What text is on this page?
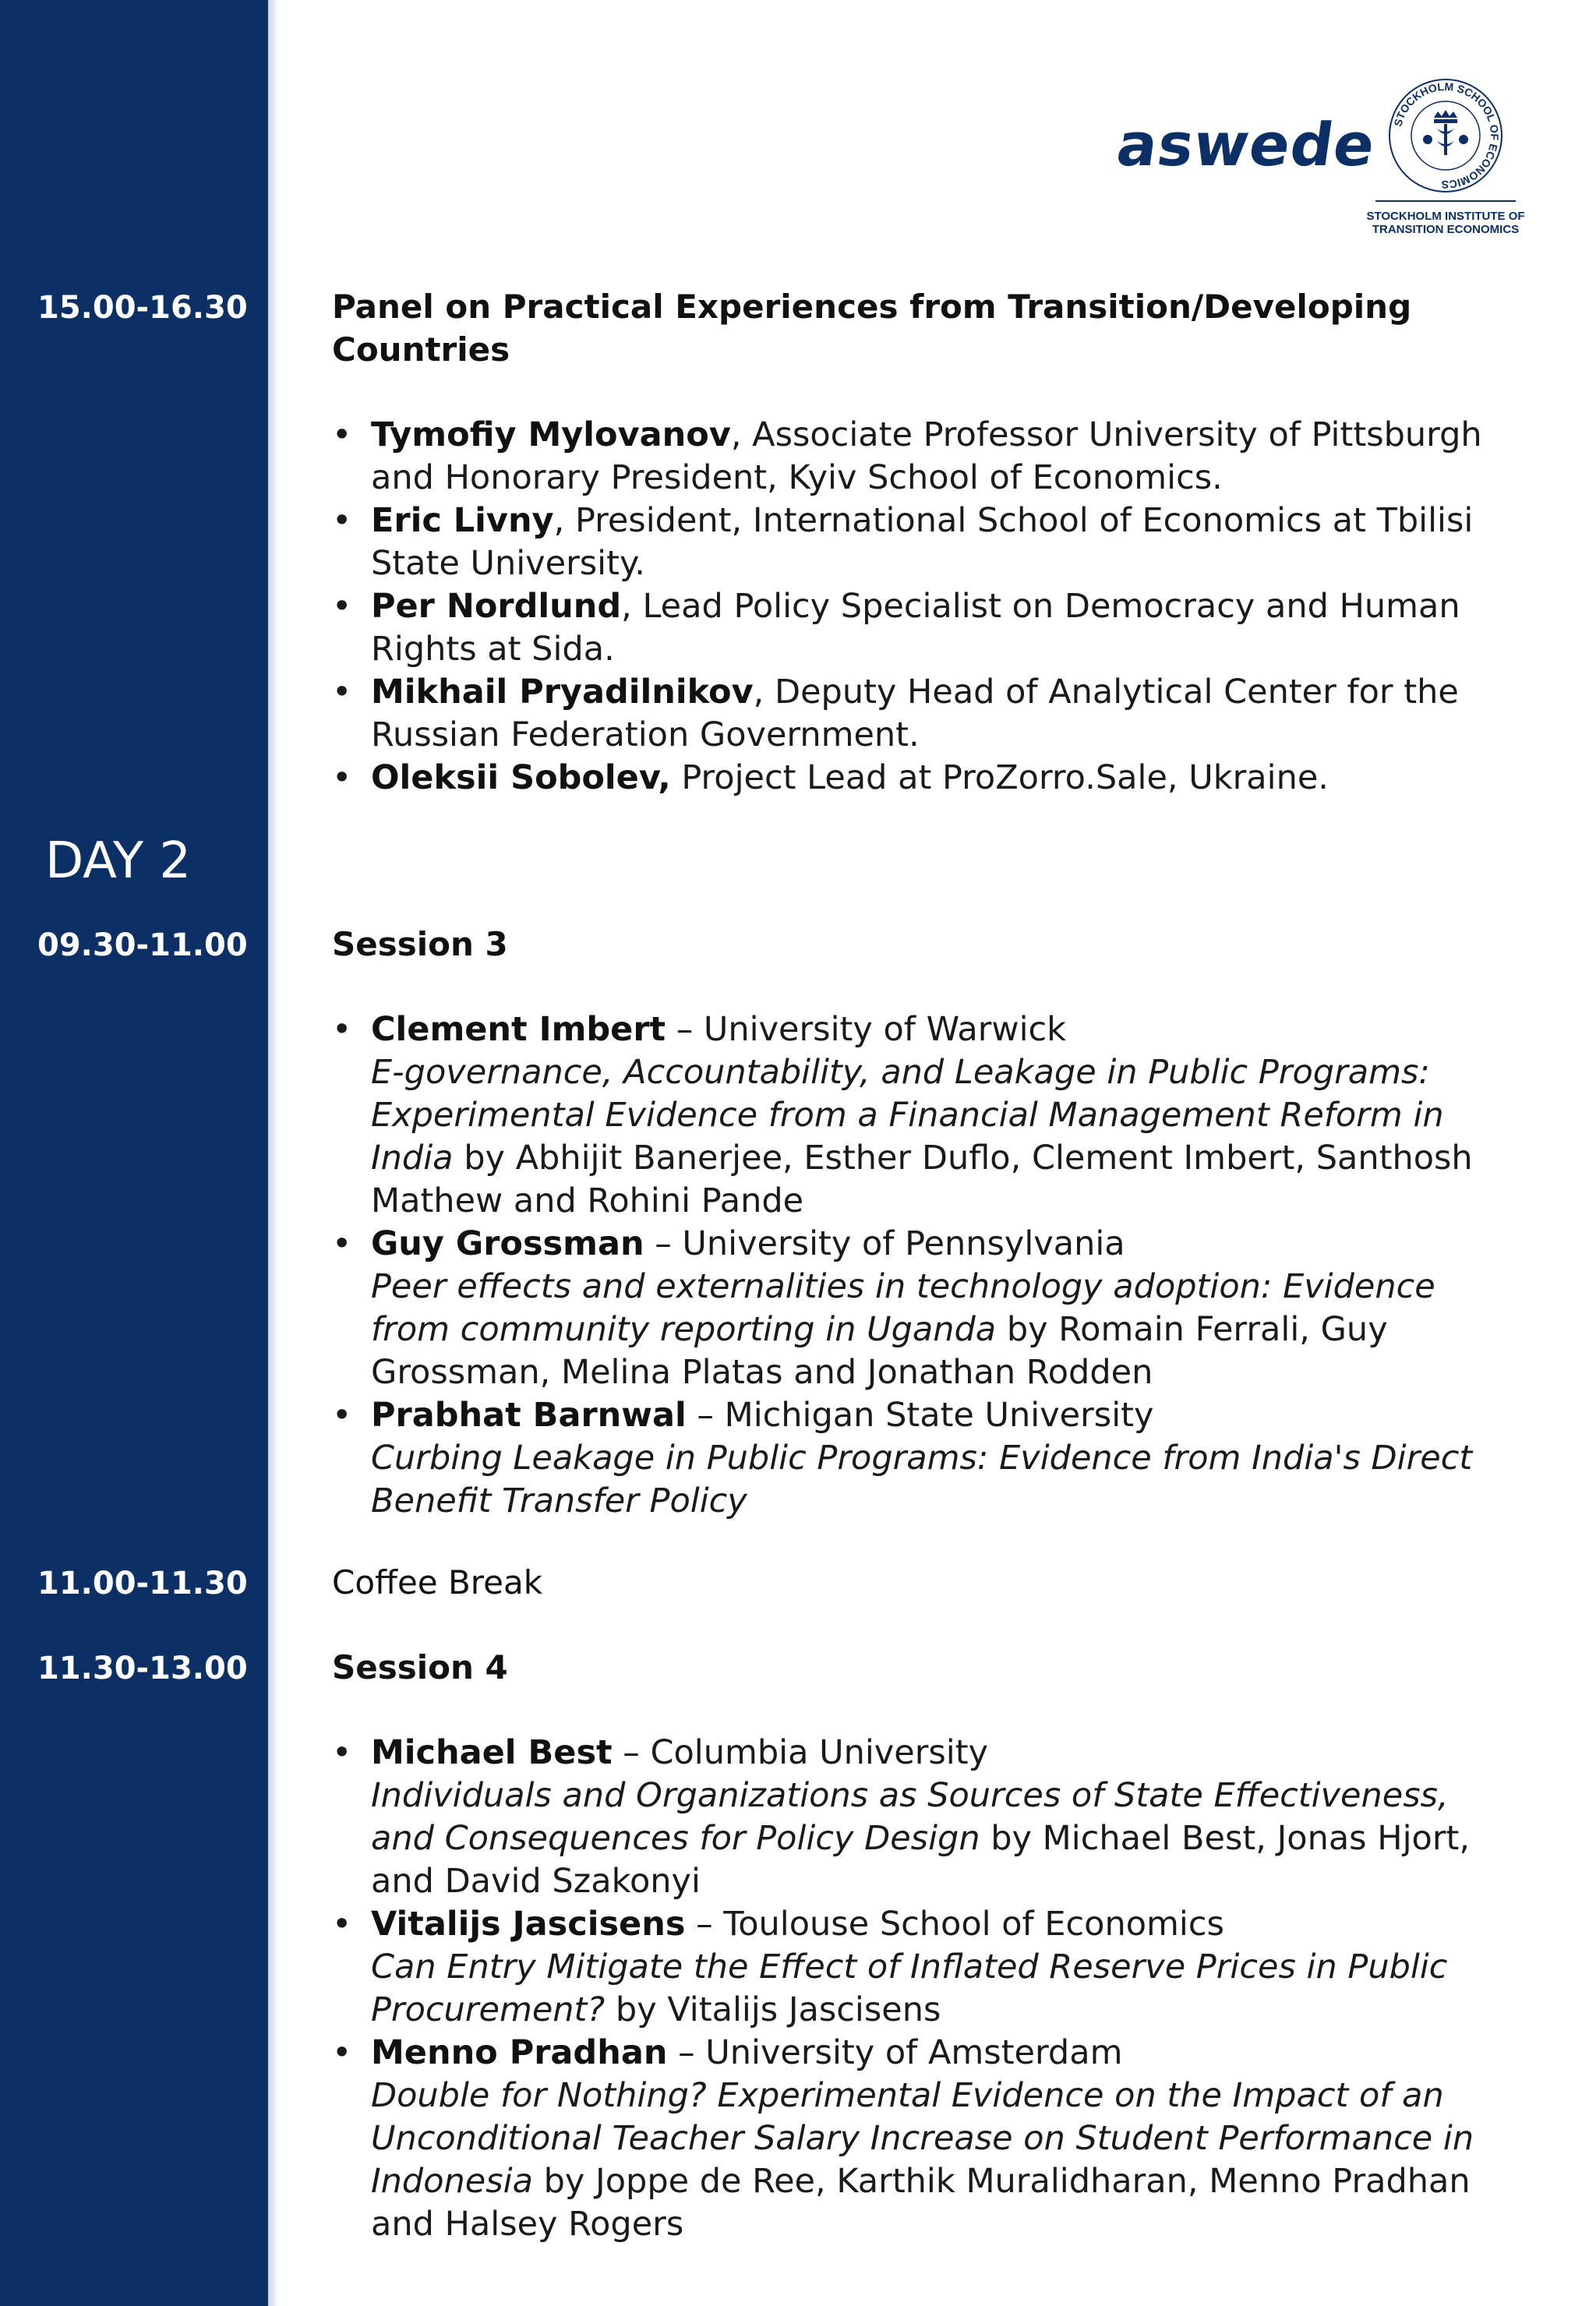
aswede STOCKHOLM SCHOOL OF ECONOMICS
STOCKHOLM INSTITUTE OF
TRANSITION ECONOMICS
15.00-16.30	Panel on Practical Experiences from Transition/Developing
Countries

• Tymofiy Mylovanov, Associate Professor University of Pittsburgh and Honorary President, Kyiv School of Economics.
• Eric Livny, President, International School of Economics at Tbilisi State University.
• Per Nordlund, Lead Policy Specialist on Democracy and Human Rights at Sida.
• Mikhail Pryadilnikov, Deputy Head of Analytical Center for the Russian Federation Government.
• Oleksii Sobolev, Project Lead at ProZorro.Sale, Ukraine.
DAY 2
09.30-11.00	Session 3

• Clement Imbert – University of Warwick
E-governance, Accountability, and Leakage in Public Programs: Experimental Evidence from a Financial Management Reform in India by Abhijit Banerjee, Esther Duflo, Clement Imbert, Santhosh Mathew and Rohini Pande
• Guy Grossman – University of Pennsylvania
Peer effects and externalities in technology adoption: Evidence from community reporting in Uganda by Romain Ferrali, Guy Grossman, Melina Platas and Jonathan Rodden
• Prabhat Barnwal – Michigan State University
Curbing Leakage in Public Programs: Evidence from India's Direct Benefit Transfer Policy
11.00-11.30	Coffee Break

11.30-13.00	Session 4

• Michael Best – Columbia University
Individuals and Organizations as Sources of State Effectiveness, and Consequences for Policy Design by Michael Best, Jonas Hjort, and David Szakonyi
• Vitalijs Jascisens – Toulouse School of Economics
Can Entry Mitigate the Effect of Inflated Reserve Prices in Public Procurement? by Vitalijs Jascisens
• Menno Pradhan – University of Amsterdam
Double for Nothing? Experimental Evidence on the Impact of an Unconditional Teacher Salary Increase on Student Performance in Indonesia by Joppe de Ree, Karthik Muralidharan, Menno Pradhan and Halsey Rogers
